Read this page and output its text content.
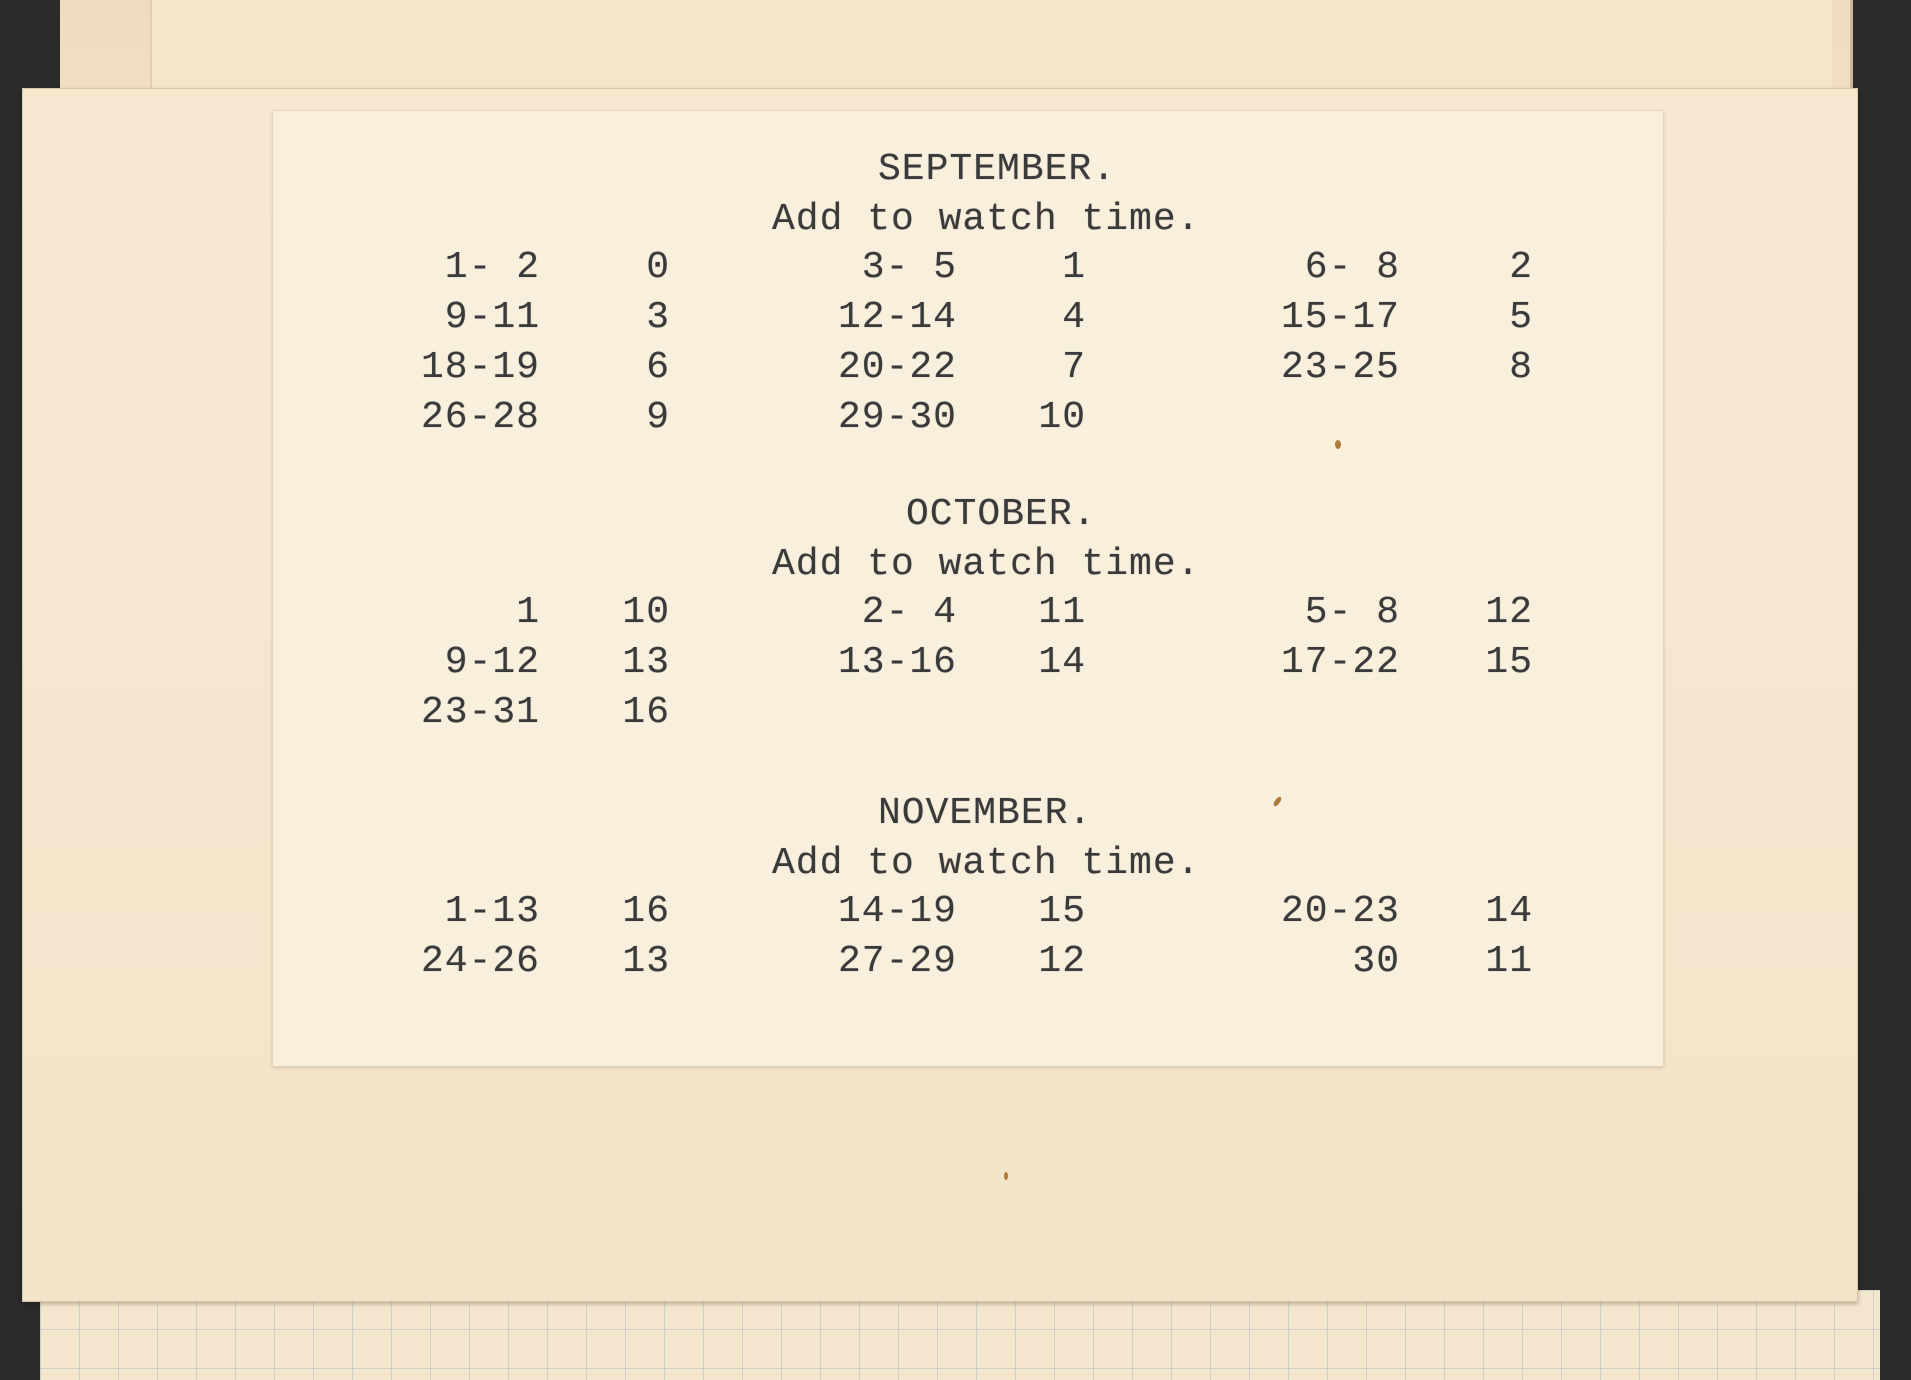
SEPTEMBER.
Add to watch time.
1- 2	0	3- 5	1	6- 8	2
9-11	3	12-14	4	15-17	5
18-19	6	20-22	7	23-25	8
26-28	9	29-30	10
OCTOBER.
Add to watch time.
1	10	2- 4	11	5- 8	12
9-12	13	13-16	14	17-22	15
23-31	16
NOVEMBER.
Add to watch time.
1-13	16	14-19	15	20-23	14
24-26	13	27-29	12	30	11
